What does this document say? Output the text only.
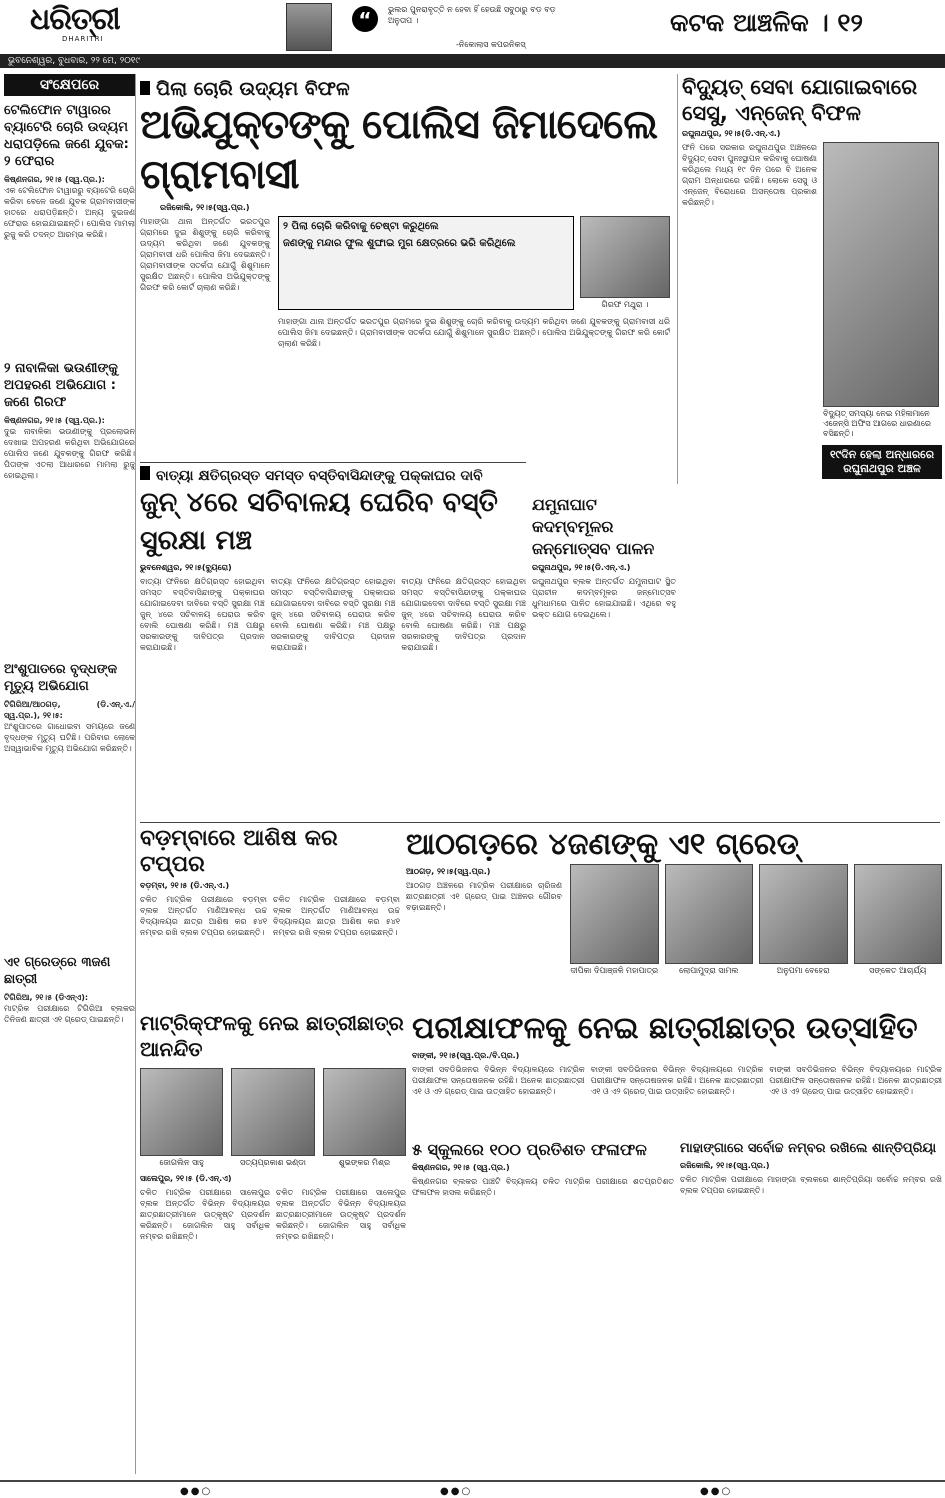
ଧରିତ୍ରୀ
DHARITRI
“	ଭୁଲର ପୁନରାବୃତ୍ତି ନ ହେବା ହିଁ ହେଉଛି ସବୁଠାରୁ ବଡ଼ ବଡ଼ ଅନୁତାପ ।
-ନିକୋଲାସ କପରନିକସ୍
କଟକ ଆଞ୍ଚଳିକ । ୧୨
ଭୁବନେଶ୍ୱର, ବୁଧବାର, ୨୨ ମେ, ୨୦୧୯
ସଂକ୍ଷେପରେ
ଟେଲିଫୋନ ଟାୱାରର ବ୍ୟାଟେରି ଚୋରି ଉଦ୍ୟମ ଧରାପଡ଼ିଲେ ଜଣେ ଯୁବକ: ୨ ଫେରାର
କିଷ୍ଣନଗର, ୨୧।୫ (ସ୍ୱ.ପ୍ର.):
ଏକ ଟେଲିଫୋନ ଟାୱାରରୁ ବ୍ୟାଟେରି ଚୋରି କରିବା ବେଳେ ଜଣେ ଯୁବକ ଗ୍ରାମବାସୀଙ୍କ ହାତରେ ଧରାପଡ଼ିଛନ୍ତି। ଅନ୍ୟ ଦୁଇଜଣ ଫେରାର ହୋଇଯାଇଛନ୍ତି। ପୋଲିସ ମାମଲା ରୁଜୁ କରି ତଦନ୍ତ ଆରମ୍ଭ କରିଛି।
୨ ନାବାଳିକା ଭଉଣୀଙ୍କୁ ଅପହରଣ ଅଭିଯୋଗ : ଜଣେ ଗିରଫ
କିଷ୍ଣନଗର, ୨୧।୫ (ସ୍ୱ.ପ୍ର.):
ଦୁଇ ନାବାଳିକା ଭଉଣୀଙ୍କୁ ପ୍ରଲୋଭନ ଦେଖାଇ ଅପହରଣ କରିଥିବା ଅଭିଯୋଗରେ ପୋଲିସ ଜଣେ ଯୁବକଙ୍କୁ ଗିରଫ କରିଛି। ପିତାଙ୍କ ଏତଲା ଆଧାରରେ ମାମଲା ରୁଜୁ ହୋଇଥିଲା।
ଅଂଶୁପାତରେ ବୃଦ୍ଧଙ୍କ ମୃତ୍ୟୁ ଅଭିଯୋଗ
ଟିଗିରିଆ/ଆଠଗଡ଼, (ଡି.ଏନ୍.ଏ./ସ୍ୱ.ପ୍ର.), ୨୧।୫:
ଅଂଶୁପାତରେ ଗାଧୋଇବା ସମୟରେ ଜଣେ ବୃଦ୍ଧଙ୍କ ମୃତ୍ୟୁ ଘଟିଛି। ପରିବାର ଲୋକେ ଅସ୍ୱାଭାବିକ ମୃତ୍ୟୁ ଅଭିଯୋଗ କରିଛନ୍ତି।
ଏ୧ ଗ୍ରେଡ୍‌ରେ ୩ଜଣ ଛାତ୍ରୀ
ଟିଗିରିଆ, ୨୧।୫ (ଡିଏନ୍‌ଏ):
ମାଟ୍ରିକ ପରୀକ୍ଷାରେ ଟିଗିରିଆ ବ୍ଲକର ତିନିଜଣ ଛାତ୍ରୀ ଏ୧ ଗ୍ରେଡ୍ ପାଇଛନ୍ତି।
ପିଲା ଚୋରି ଉଦ୍ୟମ ବିଫଳ
ଅଭିଯୁକ୍ତଙ୍କୁ ପୋଲିସ ଜିମାଦେଲେ ଗ୍ରାମବାସୀ
ରଜିକୋଲି, ୨୧।୫(ସ୍ୱ.ପ୍ର.)
ମାହାଙ୍ଗା ଥାନା ଅନ୍ତର୍ଗତ ଭରତପୁର ଗ୍ରାମରେ ଦୁଇ ଶିଶୁଙ୍କୁ ଚୋରି କରିବାକୁ ଉଦ୍ୟମ କରିଥିବା ଜଣେ ଯୁବକଙ୍କୁ ଗ୍ରାମବାସୀ ଧରି ପୋଲିସ ଜିମା ଦେଇଛନ୍ତି। ଗ୍ରାମବାସୀଙ୍କ ସତର୍କତା ଯୋଗୁଁ ଶିଶୁମାନେ ସୁରକ୍ଷିତ ଅଛନ୍ତି। ପୋଲିସ ଅଭିଯୁକ୍ତଙ୍କୁ ଗିରଫ କରି କୋର୍ଟ ଚାଲାଣ କରିଛି।
୨ ପିଲା ଚୋରି କରିବାକୁ ଚେଷ୍ଟା କରୁଥିଲେ
ଜଣଙ୍କୁ ମନ୍ଦାର ଫୁଲ ଶୁଙ୍ଘାଇ ମୁଗ କ୍ଷେତ୍ରରେ ଭରି କରିଥିଲେ
ଗିରଫ ମଥୁରା ।
ମାହାଙ୍ଗା ଥାନା ଅନ୍ତର୍ଗତ ଭରତପୁର ଗ୍ରାମରେ ଦୁଇ ଶିଶୁଙ୍କୁ ଚୋରି କରିବାକୁ ଉଦ୍ୟମ କରିଥିବା ଜଣେ ଯୁବକଙ୍କୁ ଗ୍ରାମବାସୀ ଧରି ପୋଲିସ ଜିମା ଦେଇଛନ୍ତି। ଗ୍ରାମବାସୀଙ୍କ ସତର୍କତା ଯୋଗୁଁ ଶିଶୁମାନେ ସୁରକ୍ଷିତ ଅଛନ୍ତି। ପୋଲିସ ଅଭିଯୁକ୍ତଙ୍କୁ ଗିରଫ କରି କୋର୍ଟ ଚାଲାଣ କରିଛି।
ବିଦ୍ୟୁତ୍ ସେବା ଯୋଗାଇବାରେ ସେସୁ, ଏନ୍‌ଜେନ୍ ବିଫଳ
ରଘୁନାଥପୁର, ୨୧।୫(ଡି.ଏନ୍.ଏ.)
ଫନି ପରେ ସରକାର ରଘୁନାଥପୁର ଅଞ୍ଚଳରେ ବିଦ୍ୟୁତ୍ ସେବା ପୁନଃସ୍ଥାପନ କରିବାକୁ ଘୋଷଣା କରିଥିଲେ ମଧ୍ୟ ୧୯ ଦିନ ପରେ ବି ଅନେକ ଗ୍ରାମ ଅନ୍ଧାରରେ ରହିଛି। ଲୋକେ ସେସୁ ଓ ଏନ୍‌ଜେନ୍ ବିରୋଧରେ ଅସନ୍ତୋଷ ପ୍ରକାଶ କରିଛନ୍ତି।
ବିଦ୍ୟୁତ୍ ସମସ୍ୟା ନେଇ ମହିଳାମାନେ ଏଜେନ୍ସି ଅଫିସ ଆଗରେ ଧାରଣାରେ ବସିଛନ୍ତି।
୧୯ଦିନ ହେଲା ଅନ୍ଧାରରେ ରଘୁନାଥପୁର ଅଞ୍ଚଳ
ବାତ୍ୟା କ୍ଷତିଗ୍ରସ୍ତ ସମସ୍ତ ବସ୍ତିବାସିନ୍ଦାଙ୍କୁ ପକ୍କାଘର ଦାବି
ଜୁନ୍ ୪ରେ ସଚିବାଳୟ ଘେରିବ ବସ୍ତି ସୁରକ୍ଷା ମଞ୍ଚ
ଭୁବନେଶ୍ୱର, ୨୧।୫(ବ୍ୟୁରୋ)
ବାତ୍ୟା ଫନିରେ କ୍ଷତିଗ୍ରସ୍ତ ହୋଇଥିବା ସମସ୍ତ ବସ୍ତିବାସିନ୍ଦାଙ୍କୁ ପକ୍କାଘର ଯୋଗାଇଦେବା ଦାବିରେ ବସ୍ତି ସୁରକ୍ଷା ମଞ୍ଚ ଜୁନ୍ ୪ରେ ସଚିବାଳୟ ଘେରାଉ କରିବ ବୋଲି ଘୋଷଣା କରିଛି। ମଞ୍ଚ ପକ୍ଷରୁ ସରକାରଙ୍କୁ ଦାବିପତ୍ର ପ୍ରଦାନ କରାଯାଇଛି।
ବାତ୍ୟା ଫନିରେ କ୍ଷତିଗ୍ରସ୍ତ ହୋଇଥିବା ସମସ୍ତ ବସ୍ତିବାସିନ୍ଦାଙ୍କୁ ପକ୍କାଘର ଯୋଗାଇଦେବା ଦାବିରେ ବସ୍ତି ସୁରକ୍ଷା ମଞ୍ଚ ଜୁନ୍ ୪ରେ ସଚିବାଳୟ ଘେରାଉ କରିବ ବୋଲି ଘୋଷଣା କରିଛି। ମଞ୍ଚ ପକ୍ଷରୁ ସରକାରଙ୍କୁ ଦାବିପତ୍ର ପ୍ରଦାନ କରାଯାଇଛି।
ବାତ୍ୟା ଫନିରେ କ୍ଷତିଗ୍ରସ୍ତ ହୋଇଥିବା ସମସ୍ତ ବସ୍ତିବାସିନ୍ଦାଙ୍କୁ ପକ୍କାଘର ଯୋଗାଇଦେବା ଦାବିରେ ବସ୍ତି ସୁରକ୍ଷା ମଞ୍ଚ ଜୁନ୍ ୪ରେ ସଚିବାଳୟ ଘେରାଉ କରିବ ବୋଲି ଘୋଷଣା କରିଛି। ମଞ୍ଚ ପକ୍ଷରୁ ସରକାରଙ୍କୁ ଦାବିପତ୍ର ପ୍ରଦାନ କରାଯାଇଛି।
ଯମୁନାଘାଟ କଦମ୍ବମୂଳର ଜନ୍ମୋତ୍ସବ ପାଳନ
ରଘୁନାଥପୁର, ୨୧।୫(ଡି.ଏନ୍.ଏ.)
ରଘୁନାଥପୁର ବ୍ଲକ ଅନ୍ତର୍ଗତ ଯମୁନାଘାଟ ସ୍ଥିତ ପ୍ରାଚୀନ କଦମ୍ବମୂଳର ଜନ୍ମୋତ୍ସବ ଧୁମଧାମରେ ପାଳିତ ହୋଇଯାଇଛି। ଏଥିରେ ବହୁ ଭକ୍ତ ଯୋଗ ଦେଇଥିଲେ।
ବଡ଼ମ୍ବାରେ ଆଶିଷ କର ଟପ୍ପର
ବଡ଼ମ୍ବା, ୨୧।୫ (ଡି.ଏନ୍.ଏ.)
ଚଳିତ ମାଟ୍ରିକ ପରୀକ୍ଷାରେ ବଡ଼ମ୍ବା ବ୍ଲକ ଅନ୍ତର୍ଗତ ମାଣିଆବନ୍ଧ ଉଚ୍ଚ ବିଦ୍ୟାଳୟର ଛାତ୍ର ଆଶିଷ କର ୫୪୧ ନମ୍ବର ରଖି ବ୍ଲକ ଟପ୍ପର ହୋଇଛନ୍ତି।
ଚଳିତ ମାଟ୍ରିକ ପରୀକ୍ଷାରେ ବଡ଼ମ୍ବା ବ୍ଲକ ଅନ୍ତର୍ଗତ ମାଣିଆବନ୍ଧ ଉଚ୍ଚ ବିଦ୍ୟାଳୟର ଛାତ୍ର ଆଶିଷ କର ୫୪୧ ନମ୍ବର ରଖି ବ୍ଲକ ଟପ୍ପର ହୋଇଛନ୍ତି।
ଆଠଗଡ଼ରେ ୪ଜଣଙ୍କୁ ଏ୧ ଗ୍ରେଡ୍
ଆଠଗଡ଼, ୨୧।୫(ସ୍ୱ.ପ୍ର.)
ଆଠଗଡ଼ ଅଞ୍ଚଳରେ ମାଟ୍ରିକ ପରୀକ୍ଷାରେ ଚାରିଜଣ ଛାତ୍ରଛାତ୍ରୀ ଏ୧ ଗ୍ରେଡ୍ ପାଇ ଅଞ୍ଚଳର ଗୌରବ ବଢ଼ାଇଛନ୍ତି।
ଦୀପିକା ଦିପାଞ୍ଜଳି ମହାପାତ୍ର	ଲୋପାମୁଦ୍ରା ସାମଲ	ଅନୁପମା ବେହେରା	ସଙ୍କେତ ଆଚାର୍ଯ୍ୟ
ମାଟ୍ରିକ୍‌ଫଳକୁ ନେଇ ଛାତ୍ରୀଛାତ୍ର ଆନନ୍ଦିତ
ଜୋଗଲିନ ସାହୁ	ସତ୍ୟପ୍ରକାଶ ଭଣ୍ଡା	ଶୁଭଙ୍କର ମିଶ୍ର
ସାଲେପୁର, ୨୧।୫ (ଡି.ଏନ୍.ଏ)
ଚଳିତ ମାଟ୍ରିକ ପରୀକ୍ଷାରେ ସାଲେପୁର ବ୍ଲକ ଅନ୍ତର୍ଗତ ବିଭିନ୍ନ ବିଦ୍ୟାଳୟର ଛାତ୍ରଛାତ୍ରୀମାନେ ଉତ୍କୃଷ୍ଟ ପ୍ରଦର୍ଶନ କରିଛନ୍ତି। ଜୋଗଲିନ ସାହୁ ସର୍ବାଧିକ ନମ୍ବର ରଖିଛନ୍ତି।
ଚଳିତ ମାଟ୍ରିକ ପରୀକ୍ଷାରେ ସାଲେପୁର ବ୍ଲକ ଅନ୍ତର୍ଗତ ବିଭିନ୍ନ ବିଦ୍ୟାଳୟର ଛାତ୍ରଛାତ୍ରୀମାନେ ଉତ୍କୃଷ୍ଟ ପ୍ରଦର୍ଶନ କରିଛନ୍ତି। ଜୋଗଲିନ ସାହୁ ସର୍ବାଧିକ ନମ୍ବର ରଖିଛନ୍ତି।
ପରୀକ୍ଷାଫଳକୁ ନେଇ ଛାତ୍ରୀଛାତ୍ର ଉତ୍ସାହିତ
ବାଙ୍କୀ, ୨୧।୫(ସ୍ୱ.ପ୍ର./ବି.ପ୍ର.)
ବାଙ୍କୀ ସବଡିଭିଜନର ବିଭିନ୍ନ ବିଦ୍ୟାଳୟରେ ମାଟ୍ରିକ ପରୀକ୍ଷାଫଳ ସନ୍ତୋଷଜନକ ରହିଛି। ଅନେକ ଛାତ୍ରଛାତ୍ରୀ ଏ୧ ଓ ଏ୨ ଗ୍ରେଡ୍ ପାଇ ଉତ୍ସାହିତ ହୋଇଛନ୍ତି।
ବାଙ୍କୀ ସବଡିଭିଜନର ବିଭିନ୍ନ ବିଦ୍ୟାଳୟରେ ମାଟ୍ରିକ ପରୀକ୍ଷାଫଳ ସନ୍ତୋଷଜନକ ରହିଛି। ଅନେକ ଛାତ୍ରଛାତ୍ରୀ ଏ୧ ଓ ଏ୨ ଗ୍ରେଡ୍ ପାଇ ଉତ୍ସାହିତ ହୋଇଛନ୍ତି।
ବାଙ୍କୀ ସବଡିଭିଜନର ବିଭିନ୍ନ ବିଦ୍ୟାଳୟରେ ମାଟ୍ରିକ ପରୀକ୍ଷାଫଳ ସନ୍ତୋଷଜନକ ରହିଛି। ଅନେକ ଛାତ୍ରଛାତ୍ରୀ ଏ୧ ଓ ଏ୨ ଗ୍ରେଡ୍ ପାଇ ଉତ୍ସାହିତ ହୋଇଛନ୍ତି।
୫ ସ୍କୁଲରେ ୧୦୦ ପ୍ରତିଶତ ଫଳାଫଳ
କିଷ୍ଣନଗର, ୨୧।୫ (ସ୍ୱ.ପ୍ର.)
କିଷ୍ଣନଗର ବ୍ଲକର ପାଞ୍ଚଟି ବିଦ୍ୟାଳୟ ଚଳିତ ମାଟ୍ରିକ ପରୀକ୍ଷାରେ ଶତପ୍ରତିଶତ ଫଳାଫଳ ହାସଲ କରିଛନ୍ତି।
ମାହାଙ୍ଗାରେ ସର୍ବୋଚ୍ଚ ନମ୍ବର ରଖିଲେ ଶାନ୍ତିପ୍ରିୟା
ରଜିକୋଲି, ୨୧।୫(ସ୍ୱ.ପ୍ର.)
ଚଳିତ ମାଟ୍ରିକ ପରୀକ୍ଷାରେ ମାହାଙ୍ଗା ବ୍ଲକରେ ଶାନ୍ତିପ୍ରିୟା ସର୍ବୋଚ୍ଚ ନମ୍ବର ରଖି ବ୍ଲକ ଟପ୍ପର ହୋଇଛନ୍ତି।
●●○	●●○	●●○
